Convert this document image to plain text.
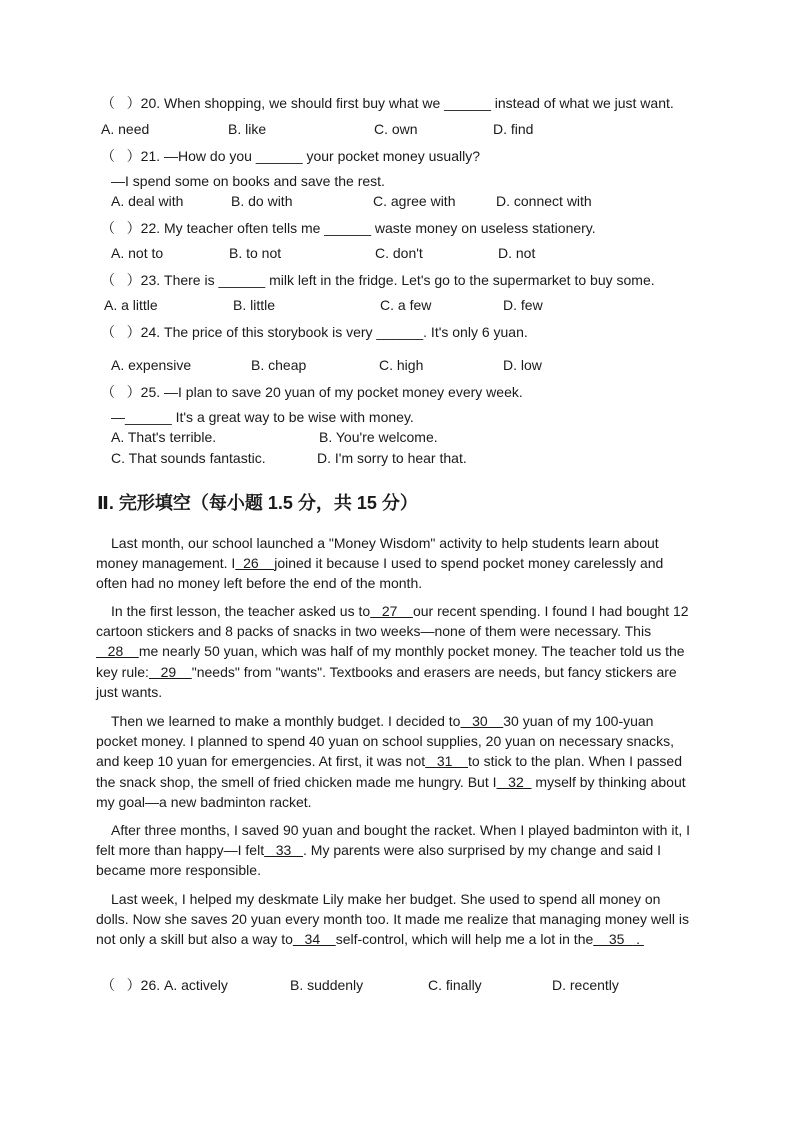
（   ）20. When shopping, we should first buy what we ______ instead of what we just want.
A. need	B. like	C. own	D. find
（   ）21. —How do you ______ your pocket money usually?
—I spend some on books and save the rest.
A. deal with	B. do with	C. agree with	D. connect with
（   ）22. My teacher often tells me ______ waste money on useless stationery.
A. not to	B. to not	C. don't	D. not
（   ）23. There is ______ milk left in the fridge. Let's go to the supermarket to buy some.
A. a little	B. little	C. a few	D. few
（   ）24. The price of this storybook is very ______. It's only 6 yuan.
A. expensive	B. cheap	C. high	D. low
（   ）25. —I plan to save 20 yuan of my pocket money every week.
—______ It's a great way to be wise with money.
A. That's terrible.	B. You're welcome.
C. That sounds fantastic.	D. I'm sorry to hear that.
Ⅱ. 完形填空（每小题 1.5 分，共 15 分）
Last month, our school launched a "Money Wisdom" activity to help students learn about money management. I  26    joined it because I used to spend pocket money carelessly and often had no money left before the end of the month.
In the first lesson, the teacher asked us to   27    our recent spending. I found I had bought 12 cartoon stickers and 8 packs of snacks in two weeks—none of them were necessary. This   28    me nearly 50 yuan, which was half of my monthly pocket money. The teacher told us the key rule:   29    "needs" from "wants". Textbooks and erasers are needs, but fancy stickers are just wants.
Then we learned to make a monthly budget. I decided to   30    30 yuan of my 100-yuan pocket money. I planned to spend 40 yuan on school supplies, 20 yuan on necessary snacks, and keep 10 yuan for emergencies. At first, it was not   31    to stick to the plan. When I passed the snack shop, the smell of fried chicken made me hungry. But I   32   myself by thinking about my goal—a new badminton racket.
After three months, I saved 90 yuan and bought the racket. When I played badminton with it, I felt more than happy—I felt   33   . My parents were also surprised by my change and said I became more responsible.
Last week, I helped my deskmate Lily make her budget. She used to spend all money on dolls. Now she saves 20 yuan every month too. It made me realize that managing money well is not only a skill but also a way to   34    self-control, which will help me a lot in the    35   .
（   ）26. A. actively	B. suddenly	C. finally	D. recently
